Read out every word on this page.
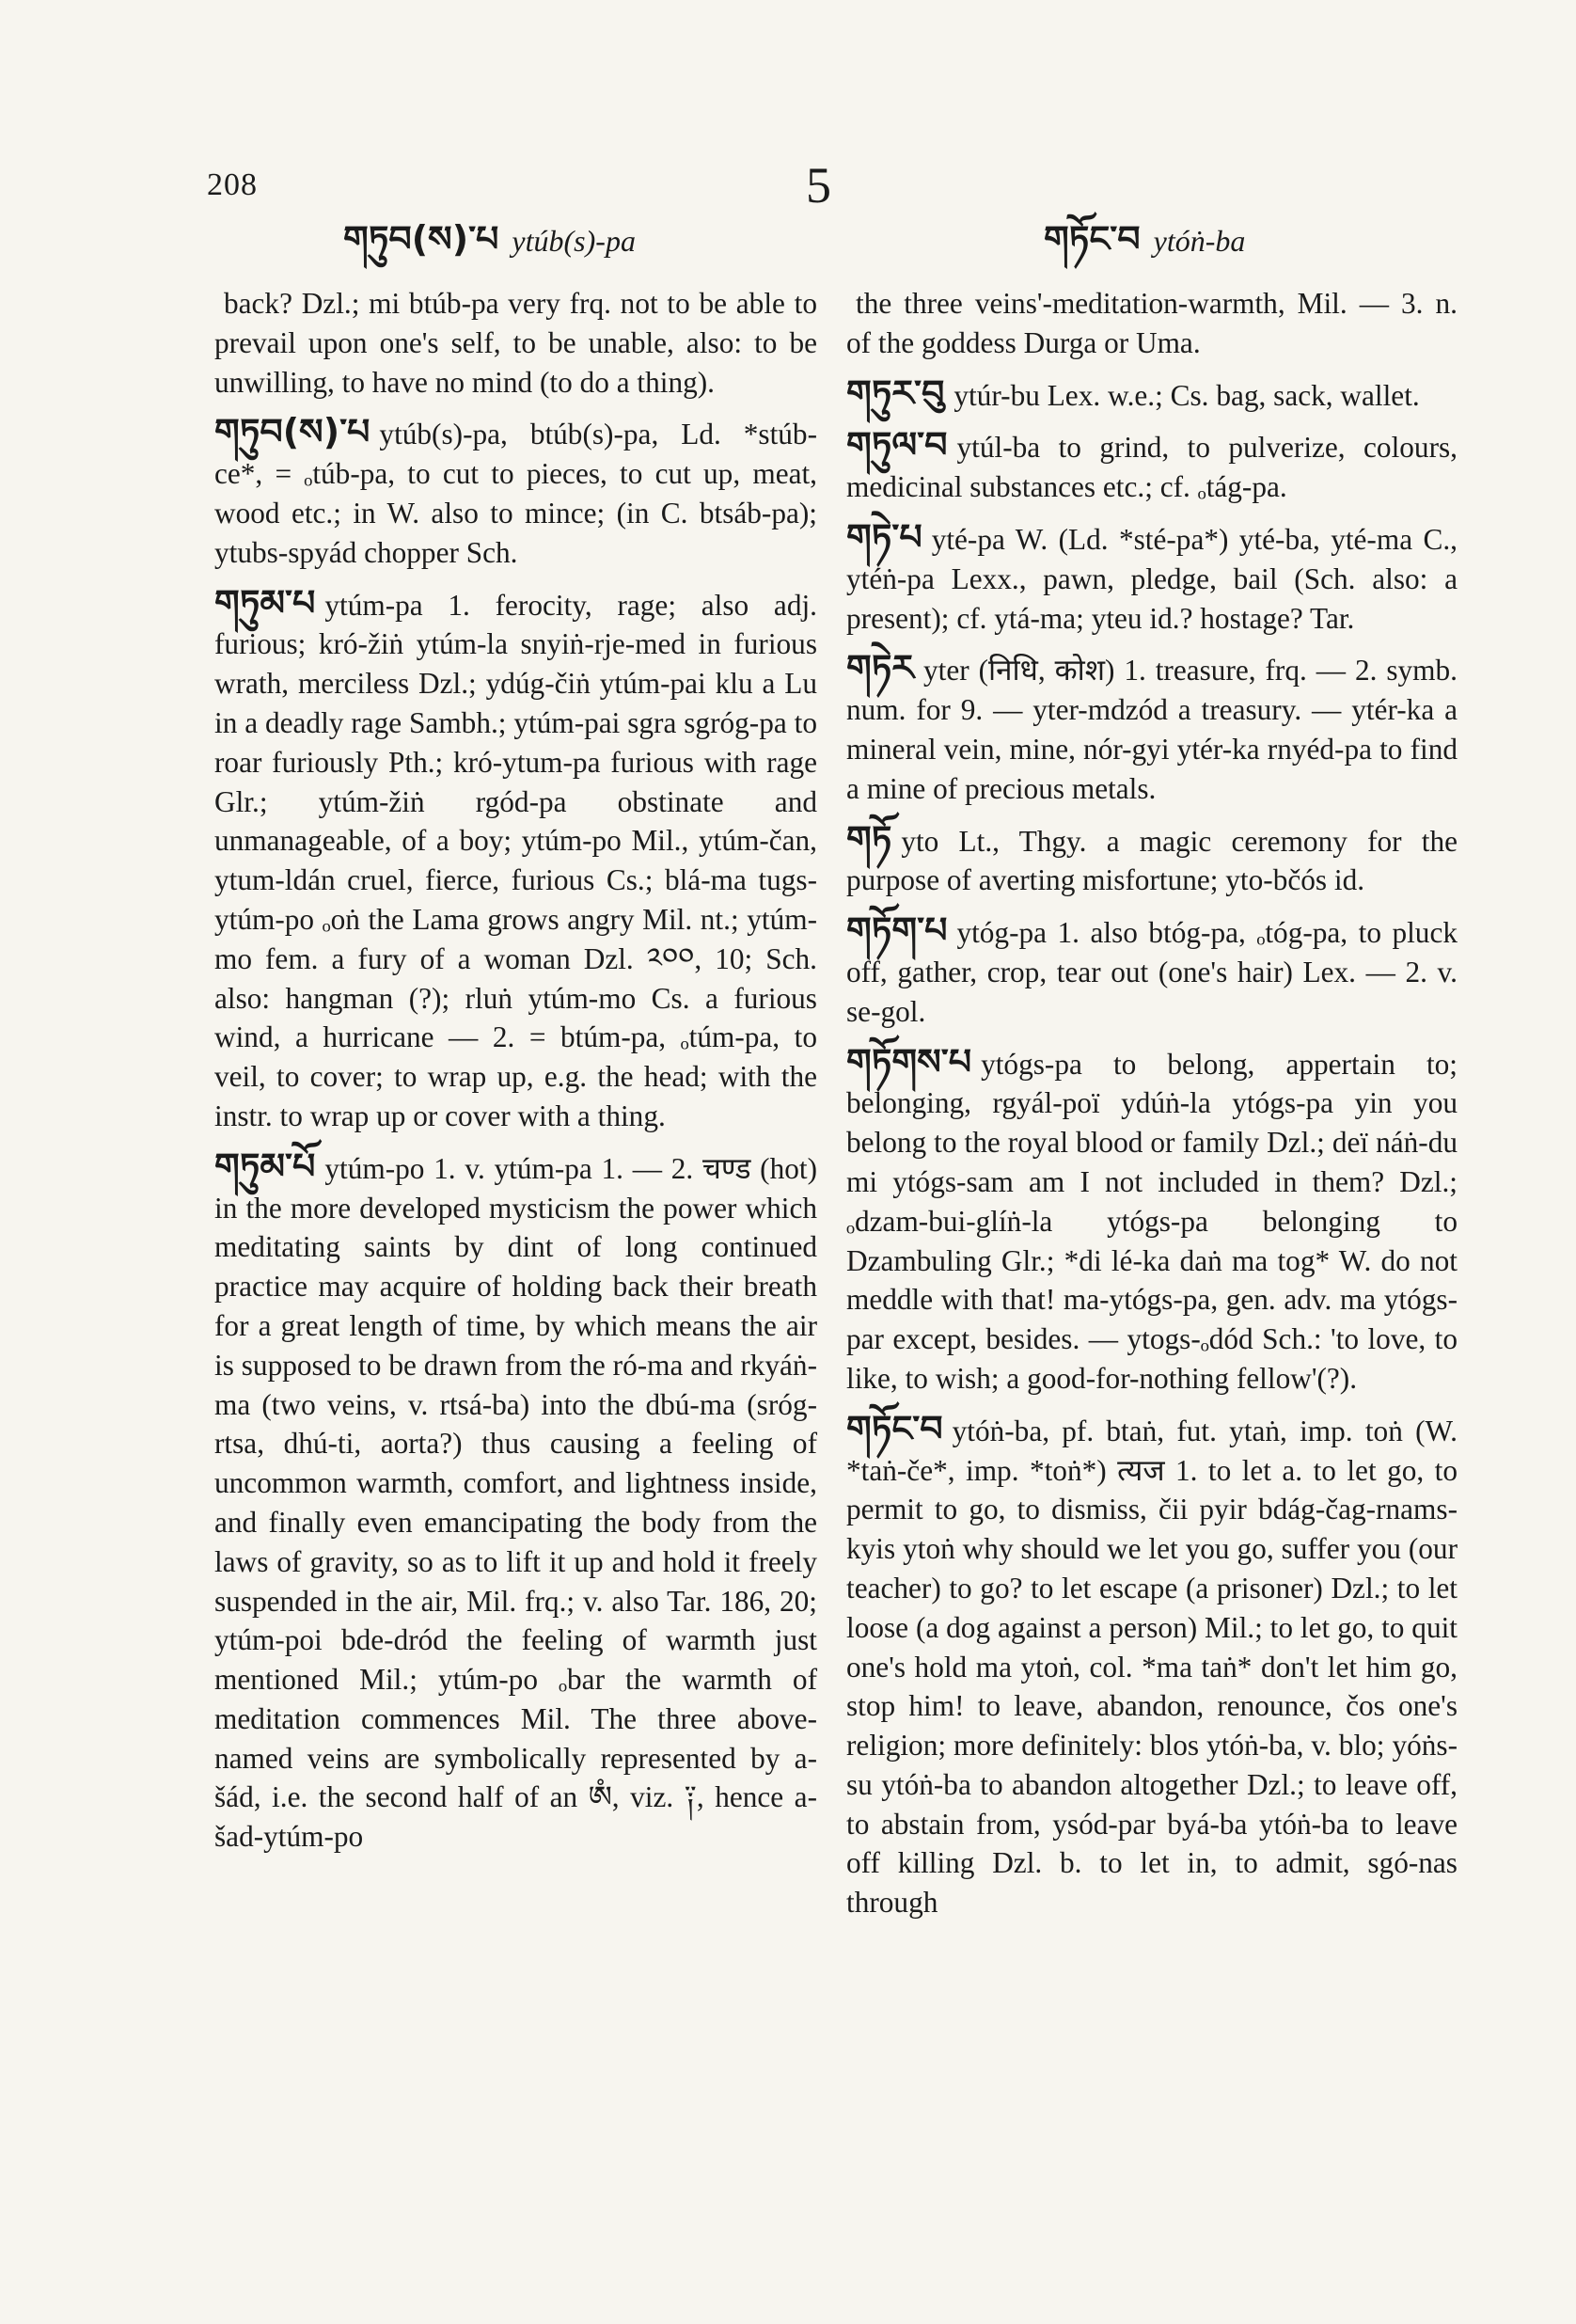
208
གཏུབ(ས)་པ ytúb(s)-pa
5
གཏོང་བ ytóṅ-ba

back? Dzl.; mi btúb-pa very frq. not to be able to prevail upon one's self, to be unable, also: to be unwilling, to have no mind (to do a thing).

གཏུབ(ས)་པ ytúb(s)-pa, btúb(s)-pa, Ld. *stúb-ce*, = ₒtúb-pa, to cut to pieces, to cut up, meat, wood etc.; in W. also to mince; (in C. btsáb-pa); ytubs-spyád chopper Sch.

གཏུམ་པ ytúm-pa 1. ferocity, rage; also adj. furious; kró-žiṅ ytúm-la snyiṅ-rje-med in furious wrath, merciless Dzl.; ydúg-čiṅ ytúm-pai klu a Lu in a deadly rage Sambh.; ytúm-pai sgra sgróg-pa to roar furiously Pth.; kró-ytum-pa furious with rage Glr.; ytúm-žiṅ rgód-pa obstinate and unmanageable, of a boy; ytúm-po Mil., ytúm-čan, ytum-ldán cruel, fierce, furious Cs.; blá-ma tugs-ytúm-po ₒoṅ the Lama grows angry Mil. nt.; ytúm-mo fem. a fury of a woman Dzl. ༢༠༠, 10; Sch. also: hangman (?); rluṅ ytúm-mo Cs. a furious wind, a hurricane — 2. = btúm-pa, ₒtúm-pa, to veil, to cover; to wrap up, e.g. the head; with the instr. to wrap up or cover with a thing.

གཏུམ་པོ ytúm-po 1. v. ytúm-pa 1. — 2. चण्ड (hot) in the more developed mysticism the power which meditating saints by dint of long continued practice may acquire of holding back their breath for a great length of time, by which means the air is supposed to be drawn from the ró-ma and rkyáṅ-ma (two veins, v. rtsá-ba) into the dbú-ma (sróg-rtsa, dhú-ti, aorta?) thus causing a feeling of uncommon warmth, comfort, and lightness inside, and finally even emancipating the body from the laws of gravity, so as to lift it up and hold it freely suspended in the air, Mil. frq.; v. also Tar. 186, 20; ytúm-poi bde-dród the feeling of warmth just mentioned Mil.; ytúm-po ₒbar the warmth of meditation commences Mil. The three above-named veins are symbolically represented by a-šád, i.e. the second half of an ཨཾ, viz. ༑, hence a-šad-ytúm-po

the three veins'-meditation-warmth, Mil. — 3. n. of the goddess Durga or Uma.

གཏུར་བུ ytúr-bu Lex. w.e.; Cs. bag, sack, wallet.

གཏུལ་བ ytúl-ba to grind, to pulverize, colours, medicinal substances etc.; cf. ₒtág-pa.

གཏེ་པ yté-pa W. (Ld. *sté-pa*) yté-ba, yté-ma C., ytéṅ-pa Lexx., pawn, pledge, bail (Sch. also: a present); cf. ytá-ma; yteu id.? hostage? Tar.

གཏེར yter (निधि, कोश) 1. treasure, frq. — 2. symb. num. for 9. — yter-mdzód a treasury. — ytér-ka a mineral vein, mine, nór-gyi ytér-ka rnyéd-pa to find a mine of precious metals.

གཏོ yto Lt., Thgy. a magic ceremony for the purpose of averting misfortune; yto-bčós id.

གཏོག་པ ytóg-pa 1. also btóg-pa, ₒtóg-pa, to pluck off, gather, crop, tear out (one's hair) Lex. — 2. v. se-gol.

གཏོགས་པ ytógs-pa to belong, appertain to; belonging, rgyál-poï ydúṅ-la ytógs-pa yin you belong to the royal blood or family Dzl.; deï náṅ-du mi ytógs-sam am I not included in them? Dzl.; ₒdzam-bui-glíṅ-la ytógs-pa belonging to Dzambuling Glr.; *di lé-ka daṅ ma tog* W. do not meddle with that! ma-ytógs-pa, gen. adv. ma ytógs-par except, besides. — ytogs-ₒdód Sch.: 'to love, to like, to wish; a good-for-nothing fellow'(?).

གཏོང་བ ytóṅ-ba, pf. btaṅ, fut. ytaṅ, imp. toṅ (W. *taṅ-če*, imp. *toṅ*) त्यज 1. to let a. to let go, to permit to go, to dismiss, čii pyir bdág-čag-rnams-kyis ytoṅ why should we let you go, suffer you (our teacher) to go? to let escape (a prisoner) Dzl.; to let loose (a dog against a person) Mil.; to let go, to quit one's hold ma ytoṅ, col. *ma taṅ* don't let him go, stop him! to leave, abandon, renounce, čos one's religion; more definitely: blos ytóṅ-ba, v. blo; yóṅs-su ytóṅ-ba to abandon altogether Dzl.; to leave off, to abstain from, ysód-par byá-ba ytóṅ-ba to leave off killing Dzl. b. to let in, to admit, sgó-nas through
